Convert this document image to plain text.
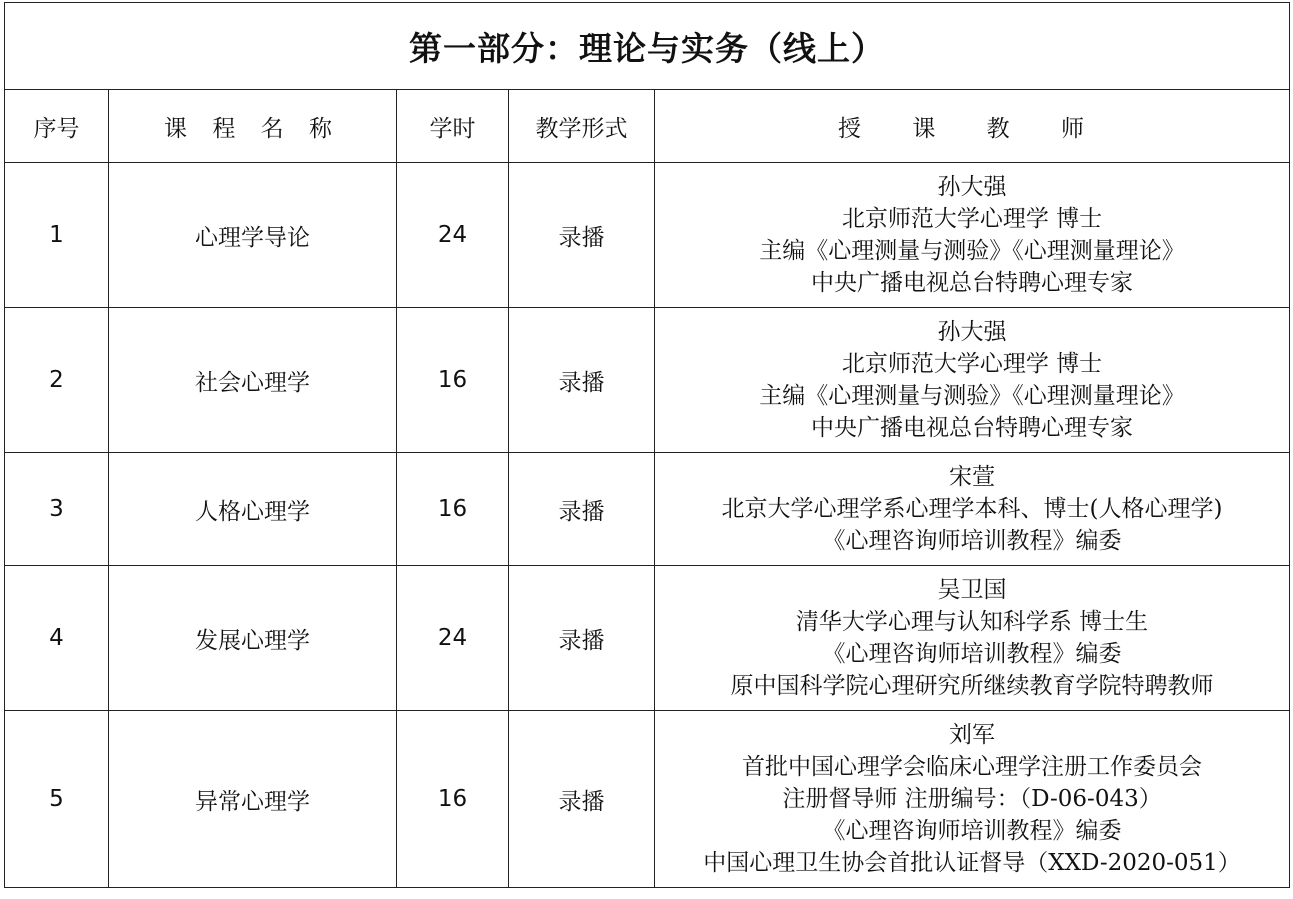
第一部分：理论与实务（线上）				
序号	课 程 名 称	学时	教学形式	授 课 教 师
1	心理学导论	24	录播	孙大强
北京师范大学心理学 博士
主编《心理测量与测验》《心理测量理论》
中央广播电视总台特聘心理专家

2	社会心理学	16	录播	孙大强
北京师范大学心理学 博士
主编《心理测量与测验》《心理测量理论》
中央广播电视总台特聘心理专家

3	人格心理学	16	录播	宋萱
北京大学心理学系心理学本科、博士(人格心理学)
《心理咨询师培训教程》编委

4	发展心理学	24	录播	吴卫国
清华大学心理与认知科学系 博士生
《心理咨询师培训教程》编委
原中国科学院心理研究所继续教育学院特聘教师

5	异常心理学	16	录播	刘军
首批中国心理学会临床心理学注册工作委员会
注册督导师 注册编号：（D-06-043）
《心理咨询师培训教程》编委
中国心理卫生协会首批认证督导（XXD-2020-051）
